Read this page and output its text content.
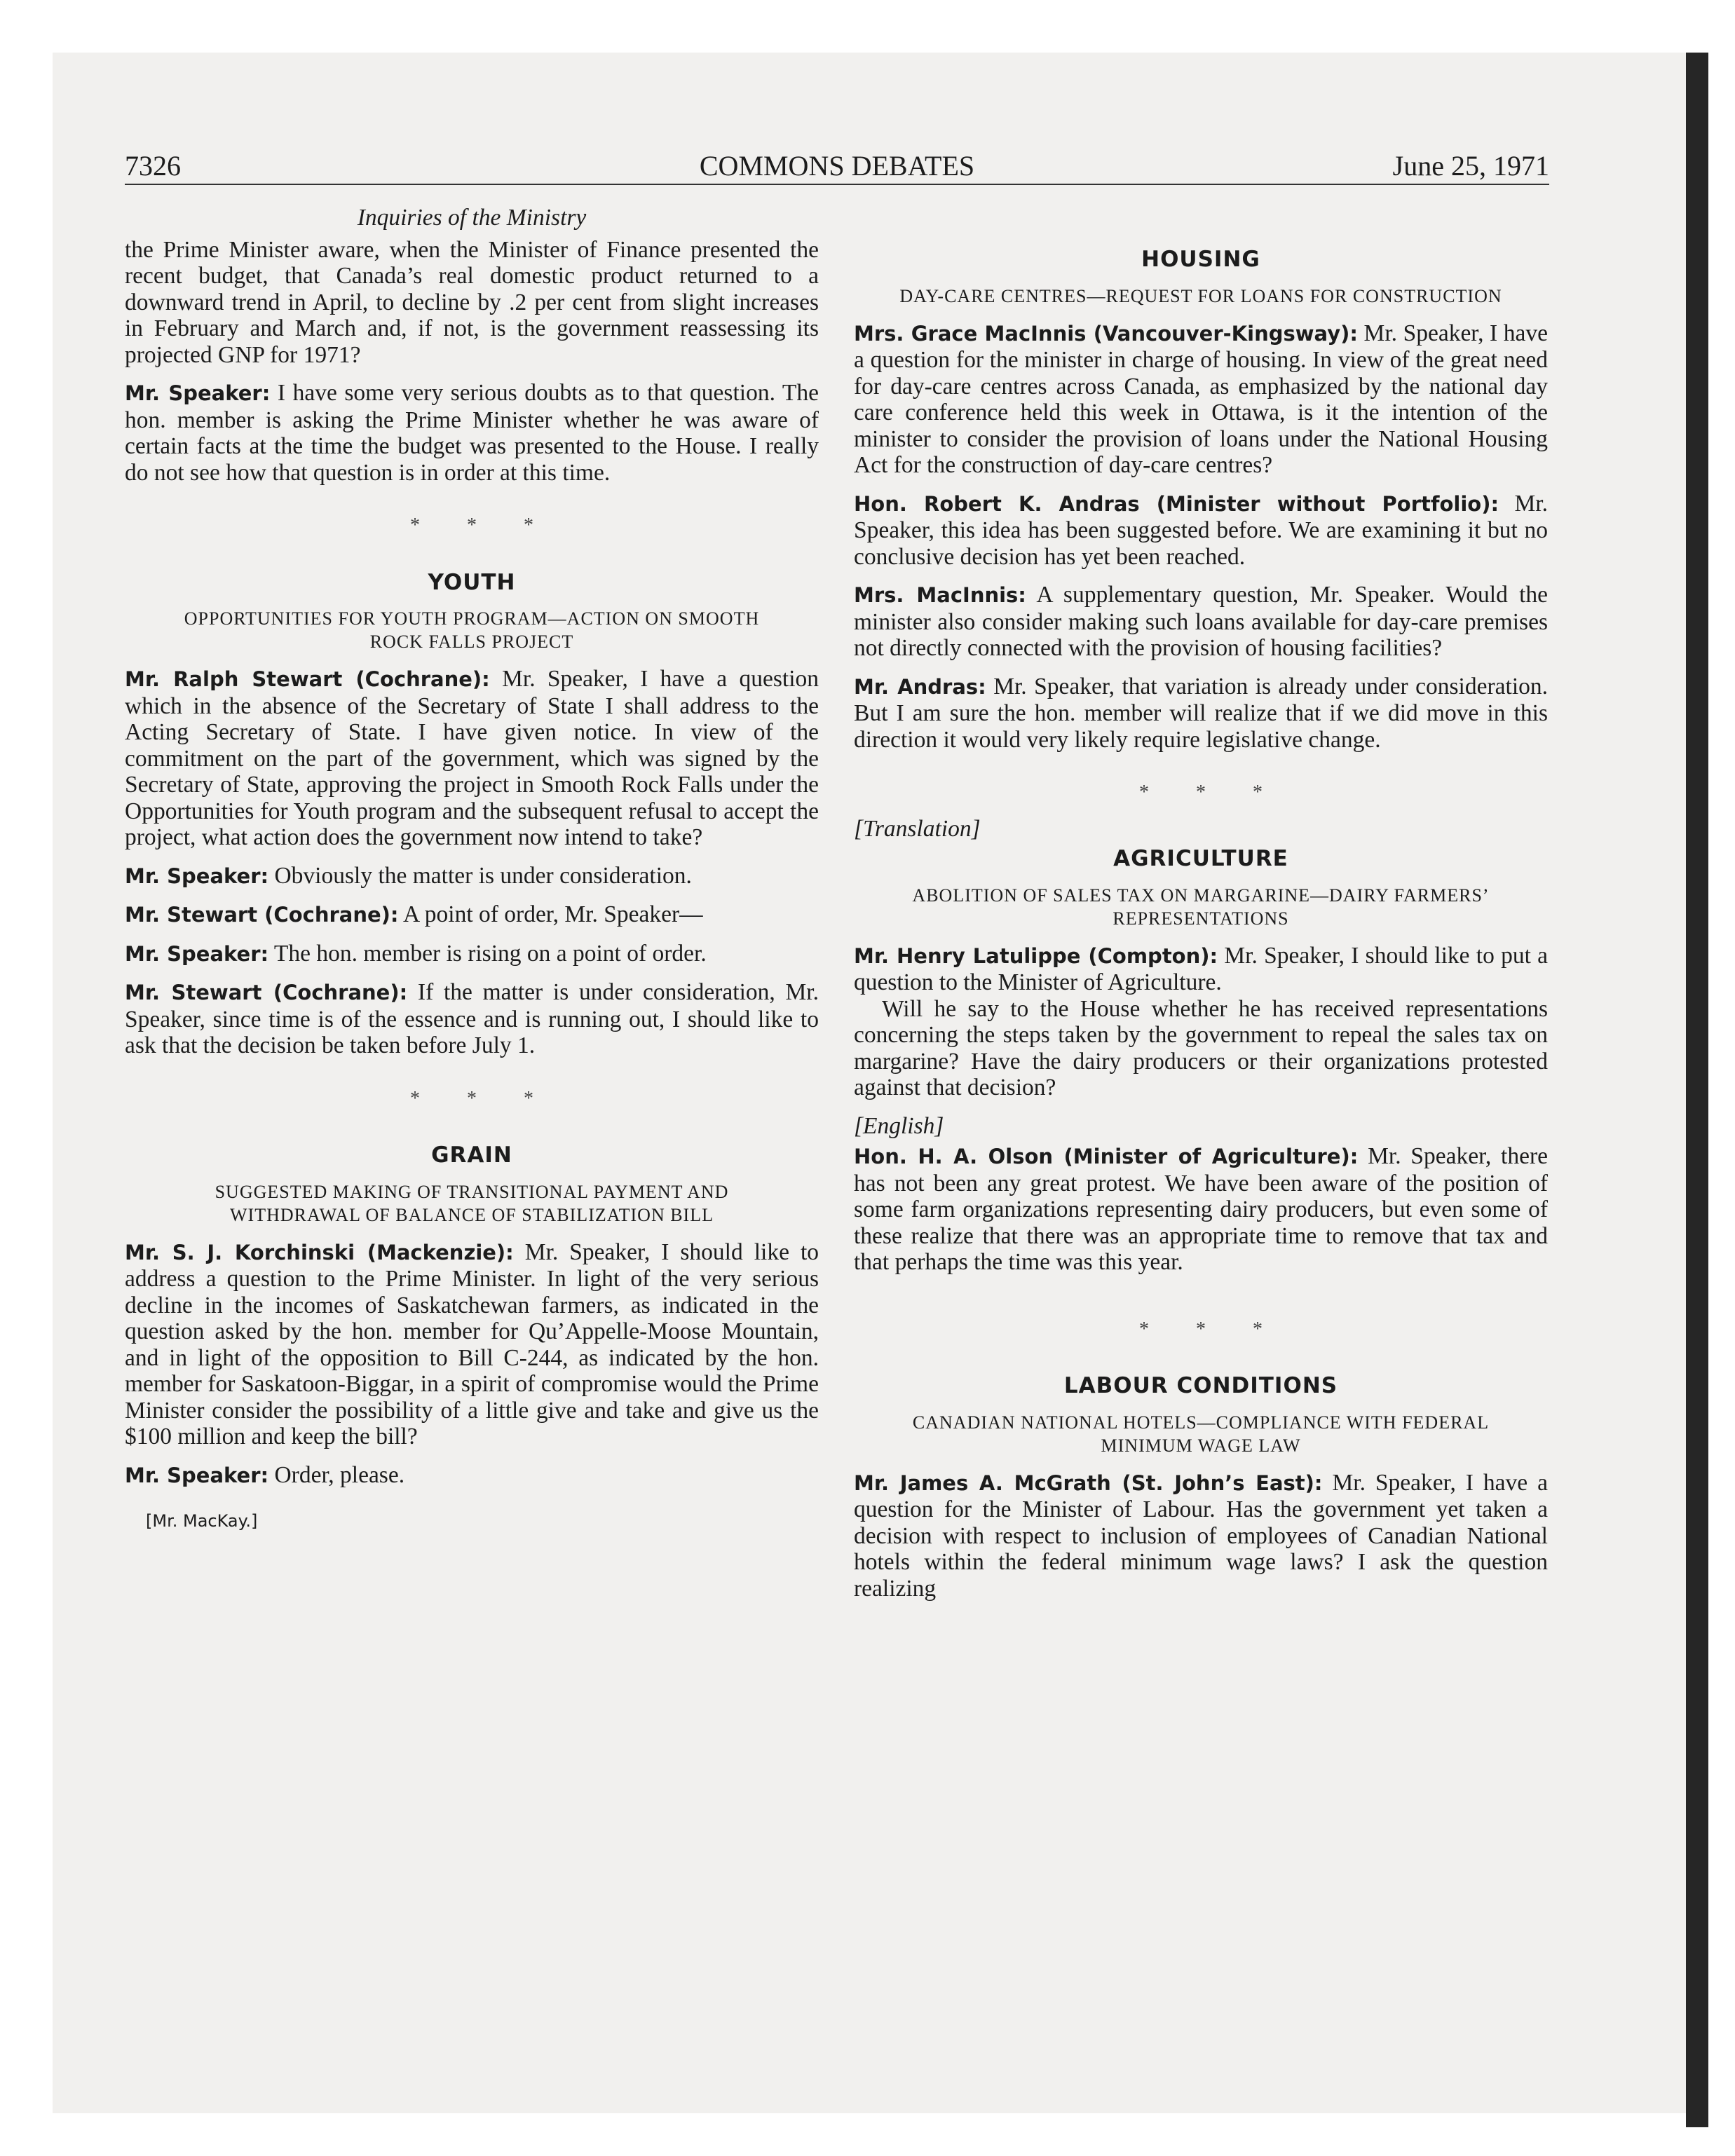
7326	COMMONS DEBATES	June 25, 1971
Inquiries of the Ministry

the Prime Minister aware, when the Minister of Finance presented the recent budget, that Canada’s real domestic product returned to a downward trend in April, to decline by .2 per cent from slight increases in February and March and, if not, is the government reassessing its projected GNP for 1971?

Mr. Speaker: I have some very serious doubts as to that question. The hon. member is asking the Prime Minister whether he was aware of certain facts at the time the budget was presented to the House. I really do not see how that question is in order at this time.

* * *
YOUTH
OPPORTUNITIES FOR YOUTH PROGRAM—ACTION ON SMOOTH ROCK FALLS PROJECT

Mr. Ralph Stewart (Cochrane): Mr. Speaker, I have a question which in the absence of the Secretary of State I shall address to the Acting Secretary of State. I have given notice. In view of the commitment on the part of the government, which was signed by the Secretary of State, approving the project in Smooth Rock Falls under the Opportunities for Youth program and the subsequent refusal to accept the project, what action does the government now intend to take?

Mr. Speaker: Obviously the matter is under consideration.

Mr. Stewart (Cochrane): A point of order, Mr. Speaker—

Mr. Speaker: The hon. member is rising on a point of order.

Mr. Stewart (Cochrane): If the matter is under consideration, Mr. Speaker, since time is of the essence and is running out, I should like to ask that the decision be taken before July 1.

* * *
GRAIN
SUGGESTED MAKING OF TRANSITIONAL PAYMENT AND WITHDRAWAL OF BALANCE OF STABILIZATION BILL

Mr. S. J. Korchinski (Mackenzie): Mr. Speaker, I should like to address a question to the Prime Minister. In light of the very serious decline in the incomes of Saskatchewan farmers, as indicated in the question asked by the hon. member for Qu’Appelle-Moose Mountain, and in light of the opposition to Bill C-244, as indicated by the hon. member for Saskatoon-Biggar, in a spirit of compromise would the Prime Minister consider the possibility of a little give and take and give us the $100 million and keep the bill?

Mr. Speaker: Order, please.

[Mr. MacKay.]
HOUSING
DAY-CARE CENTRES—REQUEST FOR LOANS FOR CONSTRUCTION

Mrs. Grace MacInnis (Vancouver-Kingsway): Mr. Speaker, I have a question for the minister in charge of housing. In view of the great need for day-care centres across Canada, as emphasized by the national day care conference held this week in Ottawa, is it the intention of the minister to consider the provision of loans under the National Housing Act for the construction of day-care centres?

Hon. Robert K. Andras (Minister without Portfolio): Mr. Speaker, this idea has been suggested before. We are examining it but no conclusive decision has yet been reached.

Mrs. MacInnis: A supplementary question, Mr. Speaker. Would the minister also consider making such loans available for day-care premises not directly connected with the provision of housing facilities?

Mr. Andras: Mr. Speaker, that variation is already under consideration. But I am sure the hon. member will realize that if we did move in this direction it would very likely require legislative change.

* * *
[Translation]
AGRICULTURE
ABOLITION OF SALES TAX ON MARGARINE—DAIRY FARMERS’ REPRESENTATIONS

Mr. Henry Latulippe (Compton): Mr. Speaker, I should like to put a question to the Minister of Agriculture.

Will he say to the House whether he has received representations concerning the steps taken by the government to repeal the sales tax on margarine? Have the dairy producers or their organizations protested against that decision?

[English]

Hon. H. A. Olson (Minister of Agriculture): Mr. Speaker, there has not been any great protest. We have been aware of the position of some farm organizations representing dairy producers, but even some of these realize that there was an appropriate time to remove that tax and that perhaps the time was this year.

* * *
LABOUR CONDITIONS
CANADIAN NATIONAL HOTELS—COMPLIANCE WITH FEDERAL MINIMUM WAGE LAW

Mr. James A. McGrath (St. John’s East): Mr. Speaker, I have a question for the Minister of Labour. Has the government yet taken a decision with respect to inclusion of employees of Canadian National hotels within the federal minimum wage laws? I ask the question realizing
